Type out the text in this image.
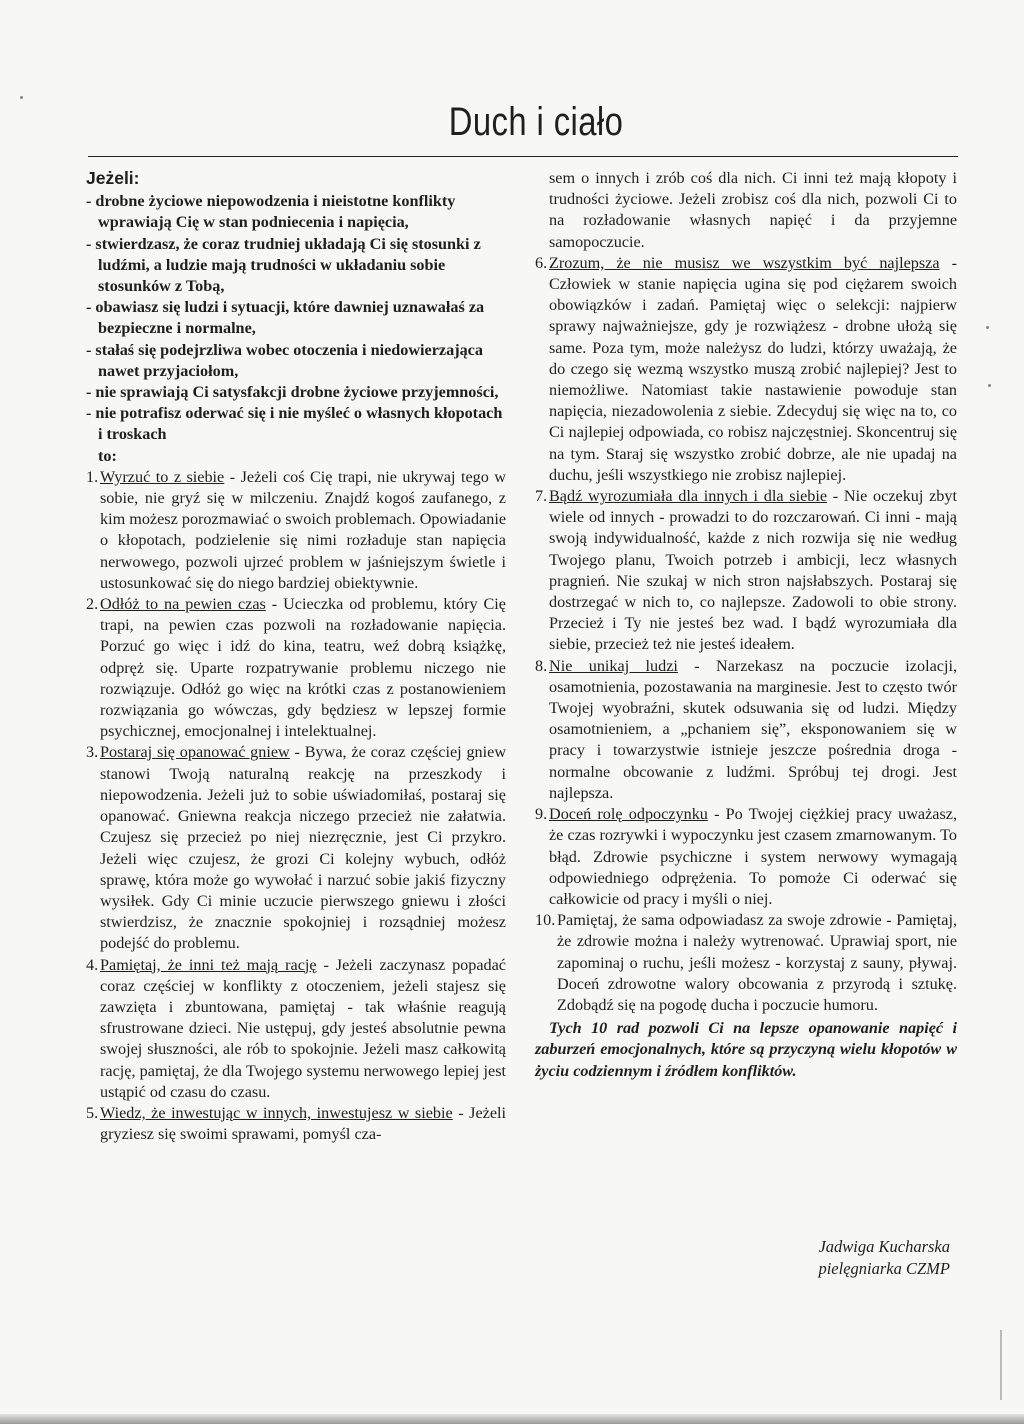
Duch i ciało
Jeżeli:

- drobne życiowe niepowodzenia i nieistotne konflikty wprawiają Cię w stan podniecenia i napięcia,

- stwierdzasz, że coraz trudniej układają Ci się stosunki z ludźmi, a ludzie mają trudności w układaniu sobie stosunków z Tobą,

- obawiasz się ludzi i sytuacji, które dawniej uznawałaś za bezpieczne i normalne,

- stałaś się podejrzliwa wobec otoczenia i niedowierzająca nawet przyjaciołom,

- nie sprawiają Ci satysfakcji drobne życiowe przyjemności,

- nie potrafisz oderwać się i nie myśleć o własnych kłopotach i troskach

to:

1. Wyrzuć to z siebie - Jeżeli coś Cię trapi, nie ukrywaj tego w sobie, nie gryź się w milczeniu. Znajdź kogoś zaufanego, z kim możesz porozmawiać o swoich problemach. Opowiadanie o kłopotach, podzielenie się nimi rozładuje stan napięcia nerwowego, pozwoli ujrzeć problem w jaśniejszym świetle i ustosunkować się do niego bardziej obiektywnie.
2. Odłóż to na pewien czas - Ucieczka od problemu, który Cię trapi, na pewien czas pozwoli na rozładowanie napięcia. Porzuć go więc i idź do kina, teatru, weź dobrą książkę, odpręż się. Uparte rozpatrywanie problemu niczego nie rozwiązuje. Odłóż go więc na krótki czas z postanowieniem rozwiązania go wówczas, gdy będziesz w lepszej formie psychicznej, emocjonalnej i intelektualnej.
3. Postaraj się opanować gniew - Bywa, że coraz częściej gniew stanowi Twoją naturalną reakcję na przeszkody i niepowodzenia. Jeżeli już to sobie uświadomiłaś, postaraj się opanować. Gniewna reakcja niczego przecież nie załatwia. Czujesz się przecież po niej niezręcznie, jest Ci przykro. Jeżeli więc czujesz, że grozi Ci kolejny wybuch, odłóż sprawę, która może go wywołać i narzuć sobie jakiś fizyczny wysiłek. Gdy Ci minie uczucie pierwszego gniewu i złości stwierdzisz, że znacznie spokojniej i rozsądniej możesz podejść do problemu.
4. Pamiętaj, że inni też mają rację - Jeżeli zaczynasz popadać coraz częściej w konflikty z otoczeniem, jeżeli stajesz się zawzięta i zbuntowana, pamiętaj - tak właśnie reagują sfrustrowane dzieci. Nie ustępuj, gdy jesteś absolutnie pewna swojej słuszności, ale rób to spokojnie. Jeżeli masz całkowitą rację, pamiętaj, że dla Twojego systemu nerwowego lepiej jest ustąpić od czasu do czasu.
5. Wiedz, że inwestując w innych, inwestujesz w siebie - Jeżeli gryziesz się swoimi sprawami, pomyśl cza-

sem o innych i zrób coś dla nich. Ci inni też mają kłopoty i trudności życiowe. Jeżeli zrobisz coś dla nich, pozwoli Ci to na rozładowanie własnych napięć i da przyjemne samopoczucie.

6. Zrozum, że nie musisz we wszystkim być najlepsza - Człowiek w stanie napięcia ugina się pod ciężarem swoich obowiązków i zadań. Pamiętaj więc o selekcji: najpierw sprawy najważniejsze, gdy je rozwiążesz - drobne ułożą się same. Poza tym, może należysz do ludzi, którzy uważają, że do czego się wezmą wszystko muszą zrobić najlepiej? Jest to niemożliwe. Natomiast takie nastawienie powoduje stan napięcia, niezadowolenia z siebie. Zdecyduj się więc na to, co Ci najlepiej odpowiada, co robisz najczęstniej. Skoncentruj się na tym. Staraj się wszystko zrobić dobrze, ale nie upadaj na duchu, jeśli wszystkiego nie zrobisz najlepiej.
7. Bądź wyrozumiała dla innych i dla siebie - Nie oczekuj zbyt wiele od innych - prowadzi to do rozczarowań. Ci inni - mają swoją indywidualność, każde z nich rozwija się nie według Twojego planu, Twoich potrzeb i ambicji, lecz własnych pragnień. Nie szukaj w nich stron najsłabszych. Postaraj się dostrzegać w nich to, co najlepsze. Zadowoli to obie strony. Przecież i Ty nie jesteś bez wad. I bądź wyrozumiała dla siebie, przecież też nie jesteś ideałem.
8. Nie unikaj ludzi - Narzekasz na poczucie izolacji, osamotnienia, pozostawania na marginesie. Jest to często twór Twojej wyobraźni, skutek odsuwania się od ludzi. Między osamotnieniem, a „pchaniem się”, eksponowaniem się w pracy i towarzystwie istnieje jeszcze pośrednia droga - normalne obcowanie z ludźmi. Spróbuj tej drogi. Jest najlepsza.
9. Doceń rolę odpoczynku - Po Twojej ciężkiej pracy uważasz, że czas rozrywki i wypoczynku jest czasem zmarnowanym. To błąd. Zdrowie psychiczne i system nerwowy wymagają odpowiedniego odprężenia. To pomoże Ci oderwać się całkowicie od pracy i myśli o niej.
10. Pamiętaj, że sama odpowiadasz za swoje zdrowie - Pamiętaj, że zdrowie można i należy wytrenować. Uprawiaj sport, nie zapominaj o ruchu, jeśli możesz - korzystaj z sauny, pływaj. Doceń zdrowotne walory obcowania z przyrodą i sztukę. Zdobądź się na pogodę ducha i poczucie humoru.

Tych 10 rad pozwoli Ci na lepsze opanowanie napięć i zaburzeń emocjonalnych, które są przyczyną wielu kłopotów w życiu codziennym i źródłem konfliktów.

Jadwiga Kucharska
pielęgniarka CZMP
